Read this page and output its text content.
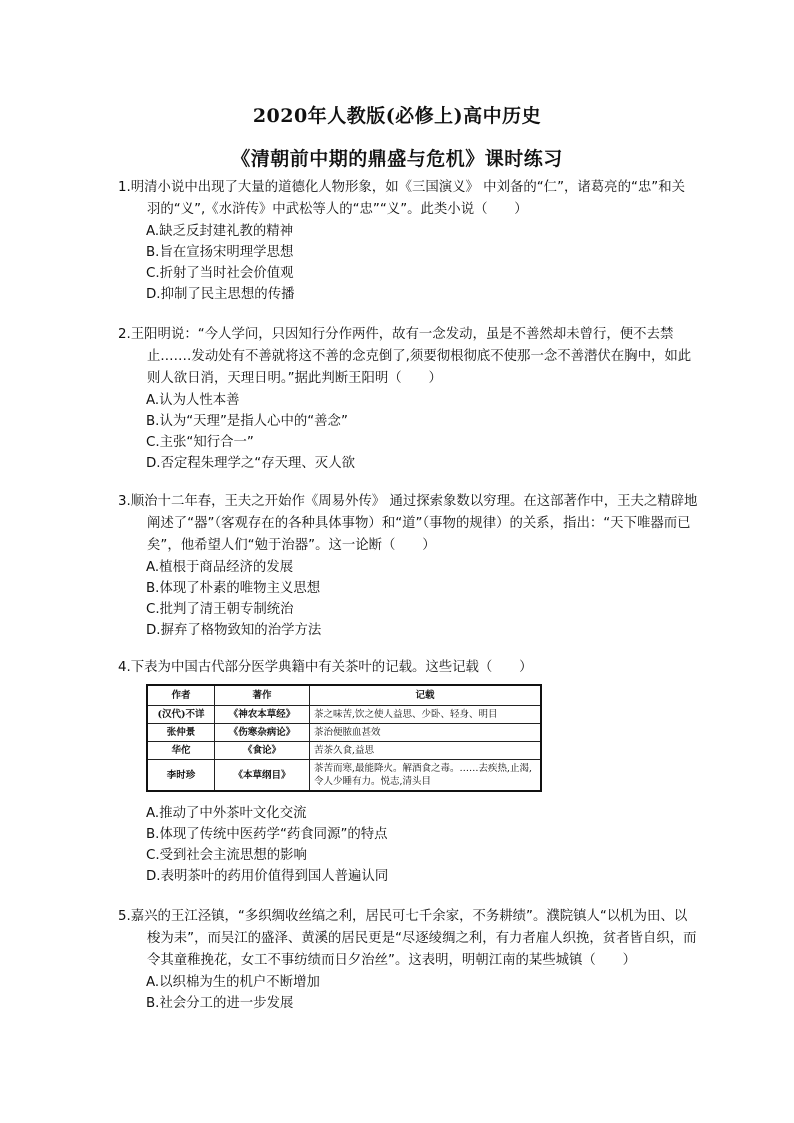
2020年人教版(必修上)高中历史
《清朝前中期的鼎盛与危机》课时练习

1.明清小说中出现了大量的道德化人物形象，如《三国演义》 中刘备的“仁”，诸葛亮的“忠”和关羽的“义”,《水浒传》中武松等人的“忠”“义”。此类小说（　　）

A.缺乏反封建礼教的精神

B.旨在宣扬宋明理学思想

C.折射了当时社会价值观

D.抑制了民主思想的传播

2.王阳明说：“今人学问，只因知行分作两件，故有一念发动，虽是不善然却未曾行，便不去禁止.……发动处有不善就将这不善的念克倒了,须要彻根彻底不使那一念不善潜伏在胸中，如此则人欲日消，天理日明。”据此判断王阳明（　　）

A.认为人性本善

B.认为“天理”是指人心中的“善念”

C.主张“知行合一”

D.否定程朱理学之“存天理、灭人欲

3.顺治十二年春，王夫之开始作《周易外传》 通过探索象数以穷理。在这部著作中，王夫之精辟地阐述了“器”（客观存在的各种具体事物）和“道”（事物的规律）的关系，指出：“天下唯器而已矣”，他希望人们“勉于治器”。这一论断（　　）

A.植根于商品经济的发展

B.体现了朴素的唯物主义思想

C.批判了清王朝专制统治

D.摒弃了格物致知的治学方法

4.下表为中国古代部分医学典籍中有关茶叶的记载。这些记载（　　）

作者	著作	记载
(汉代)不详	《神农本草经》	茶之味苦,饮之使人益思、少卧、轻身、明目
张仲景	《伤寒杂病论》	茶治便脓血甚效
华佗	《食论》	苦茶久食,益思
李时珍	《本草纲目》	茶苦而寒,最能降火。解酒食之毒。……去疾热,止渴,令人少睡有力。悦志,清头目

A.推动了中外茶叶文化交流

B.体现了传统中医药学“药食同源”的特点

C.受到社会主流思想的影响

D.表明茶叶的药用价值得到国人普遍认同

5.嘉兴的王江泾镇，“多织绸收丝缟之利，居民可七千余家，不务耕绩”。濮院镇人“以机为田、以梭为耒”，而吴江的盛泽、黄溪的居民更是“尽逐绫绸之利，有力者雇人织挽，贫者皆自织，而令其童稚挽花，女工不事纺绩而日夕治丝”。这表明，明朝江南的某些城镇（　　）

A.以织棉为生的机户不断增加

B.社会分工的进一步发展
